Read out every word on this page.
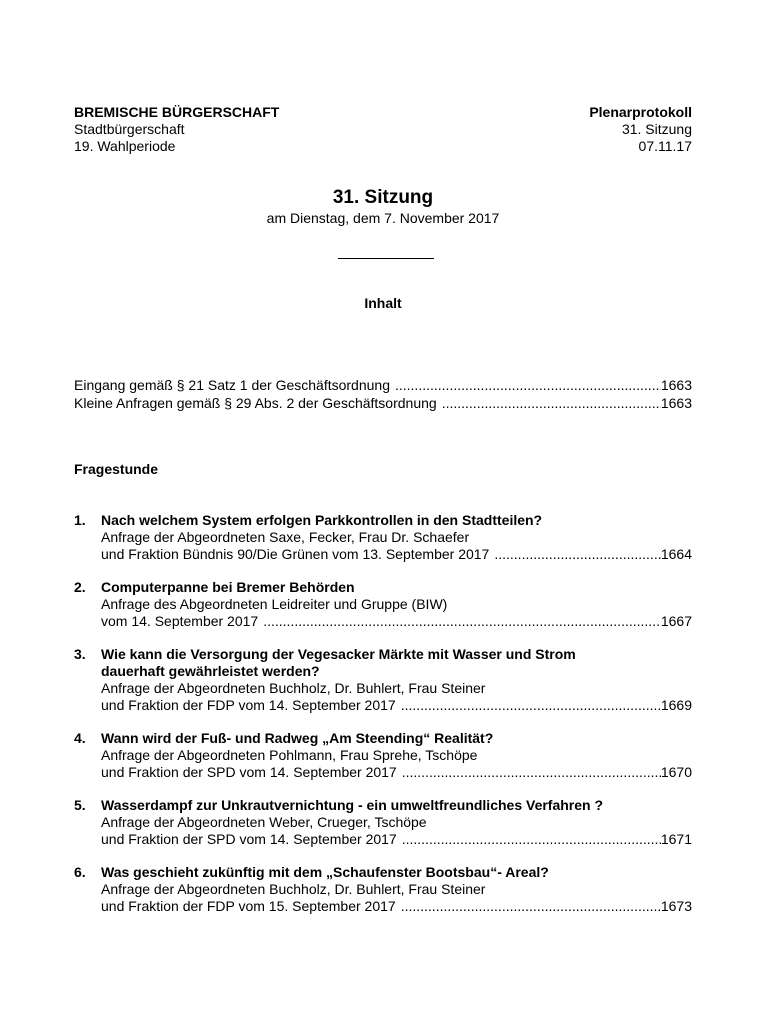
BREMISCHE BÜRGERSCHAFT
Stadtbürgerschaft
19. Wahlperiode
Plenarprotokoll
31. Sitzung
07.11.17
31. Sitzung
am Dienstag, dem 7. November 2017
Inhalt
Eingang gemäß § 21 Satz 1 der Geschäftsordnung .....	1663
Kleine Anfragen gemäß § 29 Abs. 2 der Geschäftsordnung .....	1663
Fragestunde
1. Nach welchem System erfolgen Parkkontrollen in den Stadtteilen?
Anfrage der Abgeordneten Saxe, Fecker, Frau Dr. Schaefer
und Fraktion Bündnis 90/Die Grünen vom 13. September 2017 .....	1664
2. Computerpanne bei Bremer Behörden
Anfrage des Abgeordneten Leidreiter und Gruppe (BIW)
vom 14. September 2017 .....	1667
3. Wie kann die Versorgung der Vegesacker Märkte mit Wasser und Strom
dauerhaft gewährleistet werden?
Anfrage der Abgeordneten Buchholz, Dr. Buhlert, Frau Steiner
und Fraktion der FDP vom 14. September 2017 .....	1669
4. Wann wird der Fuß- und Radweg „Am Steending“ Realität?
Anfrage der Abgeordneten Pohlmann, Frau Sprehe, Tschöpe
und Fraktion der SPD vom 14. September 2017 .....	1670
5. Wasserdampf zur Unkrautvernichtung - ein umweltfreundliches Verfahren ?
Anfrage der Abgeordneten Weber, Crueger, Tschöpe
und Fraktion der SPD vom 14. September 2017 .....	1671
6. Was geschieht zukünftig mit dem „Schaufenster Bootsbau“- Areal?
Anfrage der Abgeordneten Buchholz, Dr. Buhlert, Frau Steiner
und Fraktion der FDP vom 15. September 2017 .....	1673
